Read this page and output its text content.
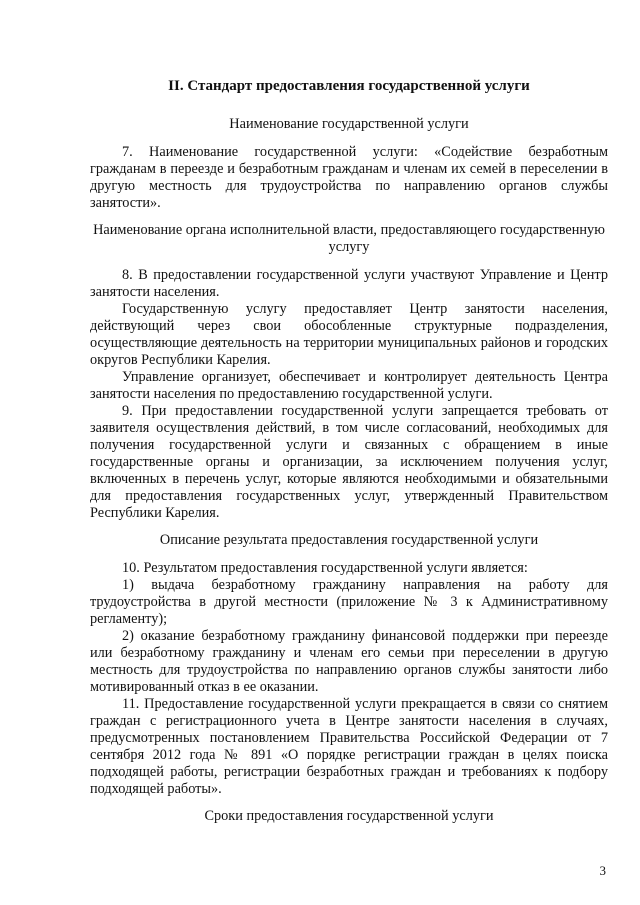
II. Стандарт предоставления государственной услуги
Наименование государственной услуги

7. Наименование государственной услуги: «Содействие безработным гражданам в переезде и безработным гражданам и членам их семей в переселении в другую местность для трудоустройства по направлению органов службы занятости».

Наименование органа исполнительной власти, предоставляющего государственную услугу

8. В предоставлении государственной услуги участвуют Управление и Центр занятости населения.

Государственную услугу предоставляет Центр занятости населения, действующий через свои обособленные структурные подразделения, осуществляющие деятельность на территории муниципальных районов и городских округов Республики Карелия.

Управление организует, обеспечивает и контролирует деятельность Центра занятости населения по предоставлению государственной услуги.

9. При предоставлении государственной услуги запрещается требовать от заявителя осуществления действий, в том числе согласований, необходимых для получения государственной услуги и связанных с обращением в иные государственные органы и организации, за исключением получения услуг, включенных в перечень услуг, которые являются необходимыми и обязательными для предоставления государственных услуг, утвержденный Правительством Республики Карелия.

Описание результата предоставления государственной услуги

10. Результатом предоставления государственной услуги является:

1) выдача безработному гражданину направления на работу для трудоустройства в другой местности (приложение № 3 к Административному регламенту);

2) оказание безработному гражданину финансовой поддержки при переезде или безработному гражданину и членам его семьи при переселении в другую местность для трудоустройства по направлению органов службы занятости либо мотивированный отказ в ее оказании.

11. Предоставление государственной услуги прекращается в связи со снятием граждан с регистрационного учета в Центре занятости населения в случаях, предусмотренных постановлением Правительства Российской Федерации от 7 сентября 2012 года № 891 «О порядке регистрации граждан в целях поиска подходящей работы, регистрации безработных граждан и требованиях к подбору подходящей работы».

Сроки предоставления государственной услуги
3
